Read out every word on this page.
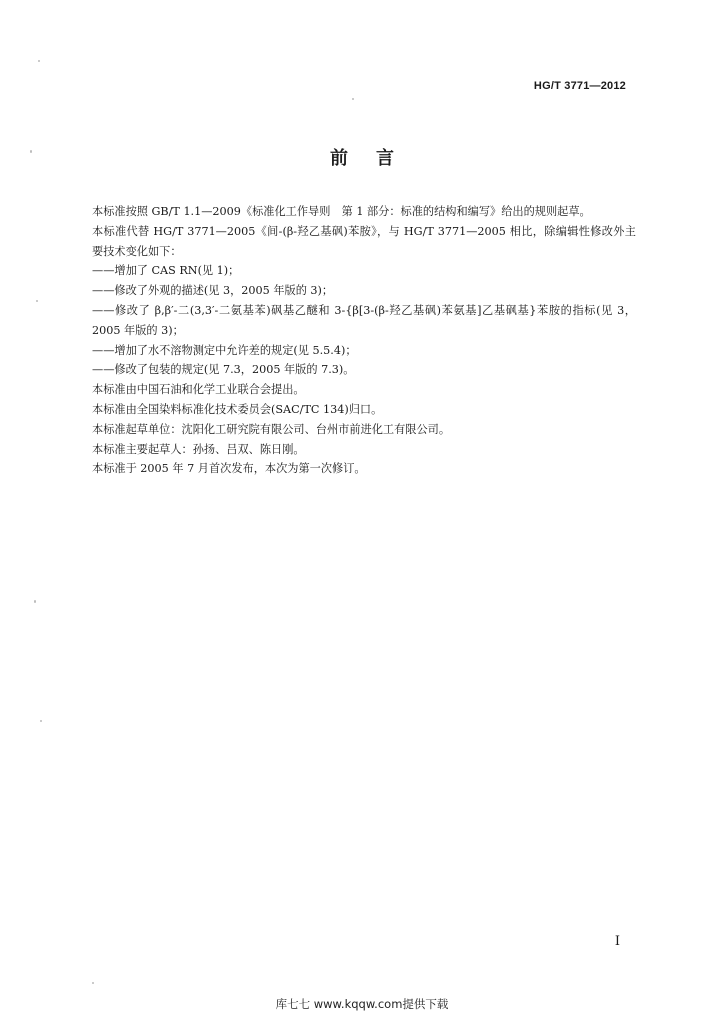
HG/T 3771—2012
前言

本标准按照 GB/T 1.1—2009《标准化工作导则　第 1 部分：标准的结构和编写》给出的规则起草。

本标准代替 HG/T 3771—2005《间-(β-羟乙基砜)苯胺》，与 HG/T 3771—2005 相比，除编辑性修改外主要技术变化如下：

——增加了 CAS RN(见 1)；

——修改了外观的描述(见 3，2005 年版的 3)；

——修改了 β,β′-二(3,3′-二氨基苯)砜基乙醚和 3-{β[3-(β-羟乙基砜)苯氨基]乙基砜基}苯胺的指标(见 3，2005 年版的 3)；

——增加了水不溶物测定中允许差的规定(见 5.5.4)；

——修改了包装的规定(见 7.3，2005 年版的 7.3)。

本标准由中国石油和化学工业联合会提出。

本标准由全国染料标准化技术委员会(SAC/TC 134)归口。

本标准起草单位：沈阳化工研究院有限公司、台州市前进化工有限公司。

本标准主要起草人：孙扬、吕双、陈日刚。

本标准于 2005 年 7 月首次发布，本次为第一次修订。

I
库七七 www.kqqw.com提供下载
